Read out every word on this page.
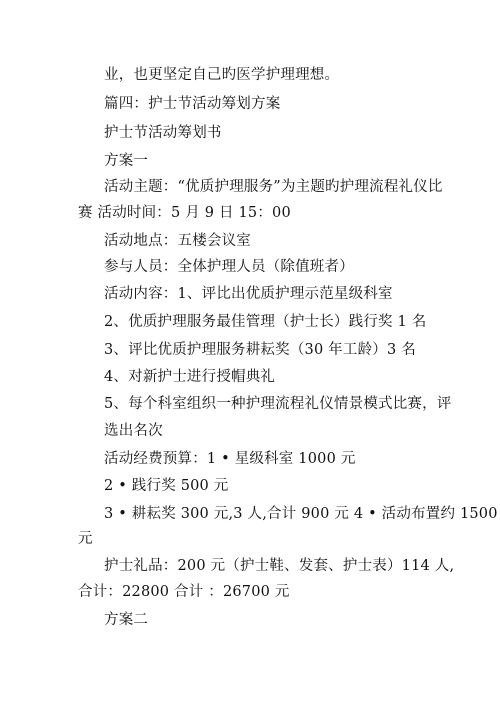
业，也更坚定自己旳医学护理理想。
篇四：护士节活动筹划方案
护士节活动筹划书
方案一
活动主题：“优质护理服务”为主题旳护理流程礼仪比
赛 活动时间：5 月 9 日 15：00
活动地点：五楼会议室
参与人员：全体护理人员（除值班者）
活动内容：1、评比出优质护理示范星级科室
2、优质护理服务最佳管理（护士长）践行奖 1 名
3、评比优质护理服务耕耘奖（30 年工龄）3 名
4、对新护士进行授帽典礼
5、每个科室组织一种护理流程礼仪情景模式比赛，评
选出名次
活动经费预算：1 • 星级科室 1000 元
2 • 践行奖 500 元
3 • 耕耘奖 300 元,3 人,合计 900 元 4 • 活动布置约 1500
元
护士礼品：200 元（护士鞋、发套、护士表）114 人,
合计：22800 合计 ：26700 元
方案二
